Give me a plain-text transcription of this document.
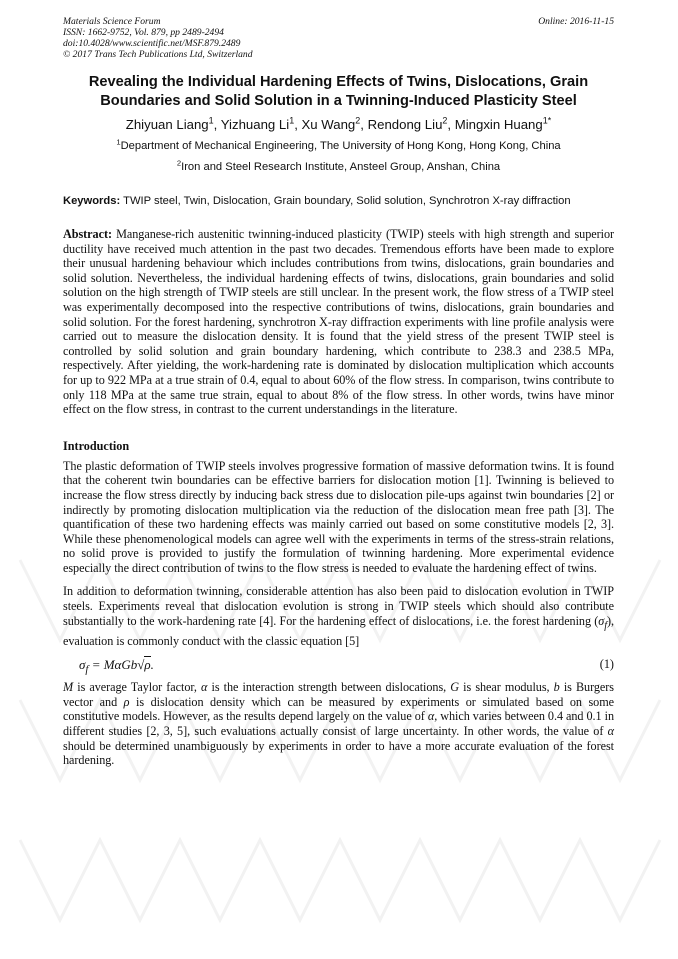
Materials Science Forum
ISSN: 1662-9752, Vol. 879, pp 2489-2494
doi:10.4028/www.scientific.net/MSF.879.2489
© 2017 Trans Tech Publications Ltd, Switzerland
Online: 2016-11-15
Revealing the Individual Hardening Effects of Twins, Dislocations, Grain Boundaries and Solid Solution in a Twinning-Induced Plasticity Steel
Zhiyuan Liang$^1$, Yizhuang Li$^1$, Xu Wang$^2$, Rendong Liu$^2$, Mingxin Huang$^{1*}$
$^1$Department of Mechanical Engineering, The University of Hong Kong, Hong Kong, China
$^2$Iron and Steel Research Institute, Ansteel Group, Anshan, China
Keywords: TWIP steel, Twin, Dislocation, Grain boundary, Solid solution, Synchrotron X-ray diffraction
Abstract: Manganese-rich austenitic twinning-induced plasticity (TWIP) steels with high strength and superior ductility have received much attention in the past two decades. Tremendous efforts have been made to explore their unusual hardening behaviour which includes contributions from twins, dislocations, grain boundaries and solid solution. Nevertheless, the individual hardening effects of twins, dislocations, grain boundaries and solid solution on the high strength of TWIP steels are still unclear. In the present work, the flow stress of a TWIP steel was experimentally decomposed into the respective contributions of twins, dislocations, grain boundaries and solid solution. For the forest hardening, synchrotron X-ray diffraction experiments with line profile analysis were carried out to measure the dislocation density. It is found that the yield stress of the present TWIP steel is controlled by solid solution and grain boundary hardening, which contribute to 238.3 and 238.5 MPa, respectively. After yielding, the work-hardening rate is dominated by dislocation multiplication which accounts for up to 922 MPa at a true strain of 0.4, equal to about 60% of the flow stress. In comparison, twins contribute to only 118 MPa at the same true strain, equal to about 8% of the flow stress. In other words, twins have minor effect on the flow stress, in contrast to the current understandings in the literature.
Introduction

The plastic deformation of TWIP steels involves progressive formation of massive deformation twins. It is found that the coherent twin boundaries can be effective barriers for dislocation motion [1]. Twinning is believed to increase the flow stress directly by inducing back stress due to dislocation pile-ups against twin boundaries [2] or indirectly by promoting dislocation multiplication via the reduction of the dislocation mean free path [3]. The quantification of these two hardening effects was mainly carried out based on some constitutive models [2, 3]. While these phenomenological models can agree well with the experiments in terms of the stress-strain relations, no solid prove is provided to justify the formulation of twinning hardening. More experimental evidence especially the direct contribution of twins to the flow stress is needed to evaluate the hardening effect of twins.

In addition to deformation twinning, considerable attention has also been paid to dislocation evolution in TWIP steels. Experiments reveal that dislocation evolution is strong in TWIP steels which should also contribute substantially to the work-hardening rate [4]. For the hardening effect of dislocations, i.e. the forest hardening $(\sigma_f)$, evaluation is commonly conduct with the classic equation [5]

$\sigma_f = M\alpha Gb√\rho$.	(1)

M is average Taylor factor, α is the interaction strength between dislocations, G is shear modulus, b is Burgers vector and ρ is dislocation density which can be measured by experiments or simulated based on some constitutive models. However, as the results depend largely on the value of α, which varies between 0.4 and 0.1 in different studies [2, 3, 5], such evaluations actually consist of large uncertainty. In other words, the value of α should be determined unambiguously by experiments in order to have a more accurate evaluation of the forest hardening.
